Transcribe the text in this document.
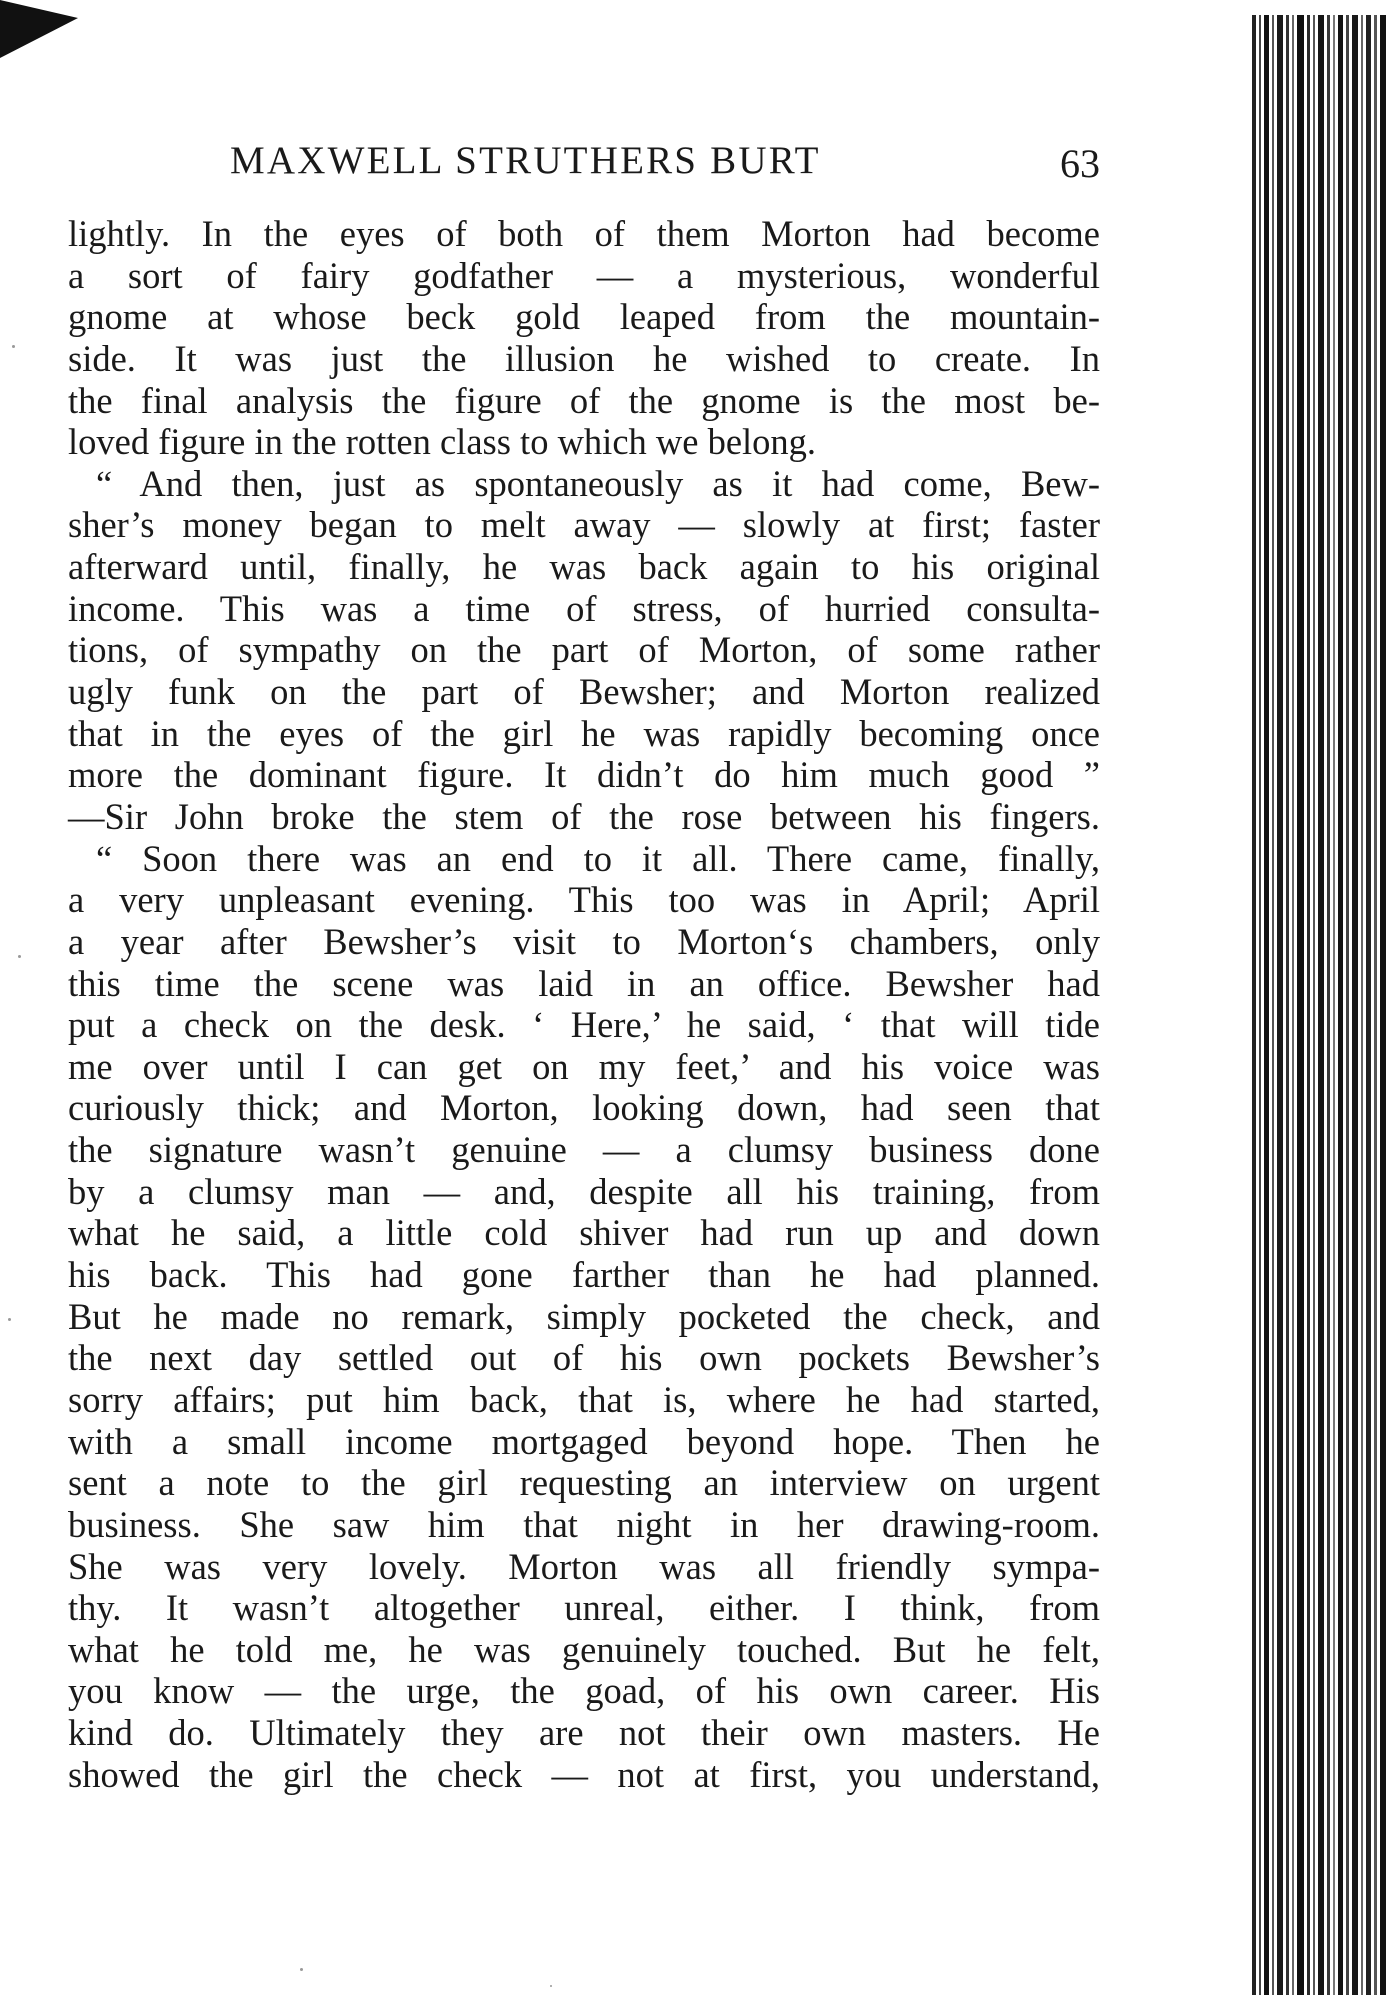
MAXWELL STRUTHERS BURT	63
lightly. In the eyes of both of them Morton had become
a sort of fairy godfather — a mysterious, wonderful
gnome at whose beck gold leaped from the mountain-
side. It was just the illusion he wished to create. In
the final analysis the figure of the gnome is the most be-
loved figure in the rotten class to which we belong.
“ And then, just as spontaneously as it had come, Bew-
sher’s money began to melt away — slowly at first; faster
afterward until, finally, he was back again to his original
income. This was a time of stress, of hurried consulta-
tions, of sympathy on the part of Morton, of some rather
ugly funk on the part of Bewsher; and Morton realized
that in the eyes of the girl he was rapidly becoming once
more the dominant figure. It didn’t do him much good ”
—Sir John broke the stem of the rose between his fingers.
“ Soon there was an end to it all. There came, finally,
a very unpleasant evening. This too was in April; April
a year after Bewsher’s visit to Morton‘s chambers, only
this time the scene was laid in an office. Bewsher had
put a check on the desk. ‘ Here,’ he said, ‘ that will tide
me over until I can get on my feet,’ and his voice was
curiously thick; and Morton, looking down, had seen that
the signature wasn’t genuine — a clumsy business done
by a clumsy man — and, despite all his training, from
what he said, a little cold shiver had run up and down
his back. This had gone farther than he had planned.
But he made no remark, simply pocketed the check, and
the next day settled out of his own pockets Bewsher’s
sorry affairs; put him back, that is, where he had started,
with a small income mortgaged beyond hope. Then he
sent a note to the girl requesting an interview on urgent
business. She saw him that night in her drawing-room.
She was very lovely. Morton was all friendly sympa-
thy. It wasn’t altogether unreal, either. I think, from
what he told me, he was genuinely touched. But he felt,
you know — the urge, the goad, of his own career. His
kind do. Ultimately they are not their own masters. He
showed the girl the check — not at first, you understand,
